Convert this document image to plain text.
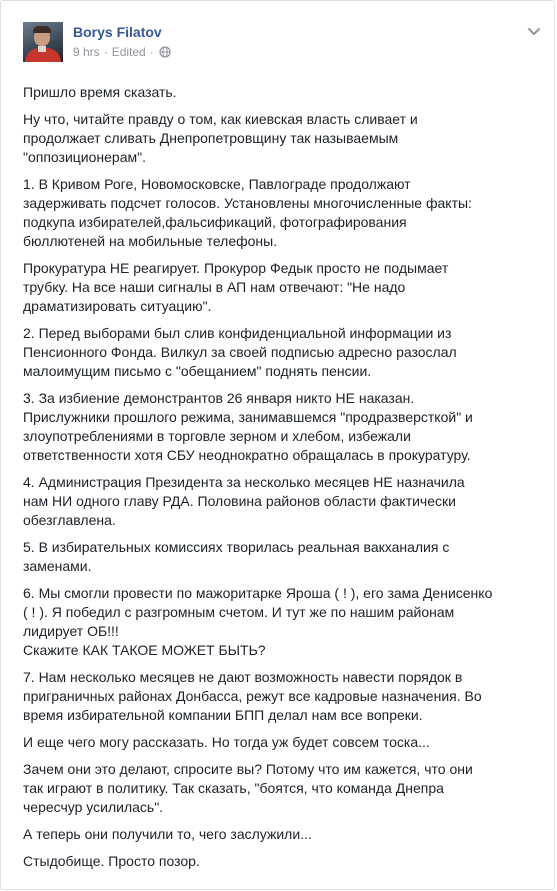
Borys Filatov
9 hrs · Edited ·

Пришло время сказать.

Ну что, читайте правду о том, как киевская власть сливает и
продолжает сливать Днепропетровщину так называемым
"оппозиционерам".

1. В Кривом Роге, Новомосковске, Павлограде продолжают
задерживать подсчет голосов. Установлены многочисленные факты:
подкупа избирателей,фальсификаций, фотографирования
бюллютеней на мобильные телефоны.

Прокуратура НЕ реагирует. Прокурор Федык просто не подымает
трубку. На все наши сигналы в АП нам отвечают: "Не надо
драматизировать ситуацию".

2. Перед выборами был слив конфиденциальной информации из
Пенсионного Фонда. Вилкул за своей подписью адресно разослал
малоимущим письмо с "обещанием" поднять пенсии.

3. За избиение демонстрантов 26 января никто НЕ наказан.
Прислужники прошлого режима, занимавшемся "продразверсткой" и
злоупотреблениями в торговле зерном и хлебом, избежали
ответственности хотя СБУ неоднократно обращалась в прокуратуру.

4. Администрация Президента за несколько месяцев НЕ назначила
нам НИ одного главу РДА. Половина районов области фактически
обезглавлена.

5. В избирательных комиссиях творилась реальная вакханалия с
заменами.

6. Мы смогли провести по мажоритарке Яроша ( ! ), его зама Денисенко
( ! ). Я победил с разгромным счетом. И тут же по нашим районам
лидирует ОБ!!!
Скажите КАК ТАКОЕ МОЖЕТ БЫТЬ?

7. Нам несколько месяцев не дают возможность навести порядок в
приграничных районах Донбасса, режут все кадровые назначения. Во
время избирательной компании БПП делал нам все вопреки.

И еще чего могу рассказать. Но тогда уж будет совсем тоска...

Зачем они это делают, спросите вы? Потому что им кажется, что они
так играют в политику. Так сказать, "боятся, что команда Днепра
чересчур усилилась".

А теперь они получили то, чего заслужили...

Стыдобище. Просто позор.
